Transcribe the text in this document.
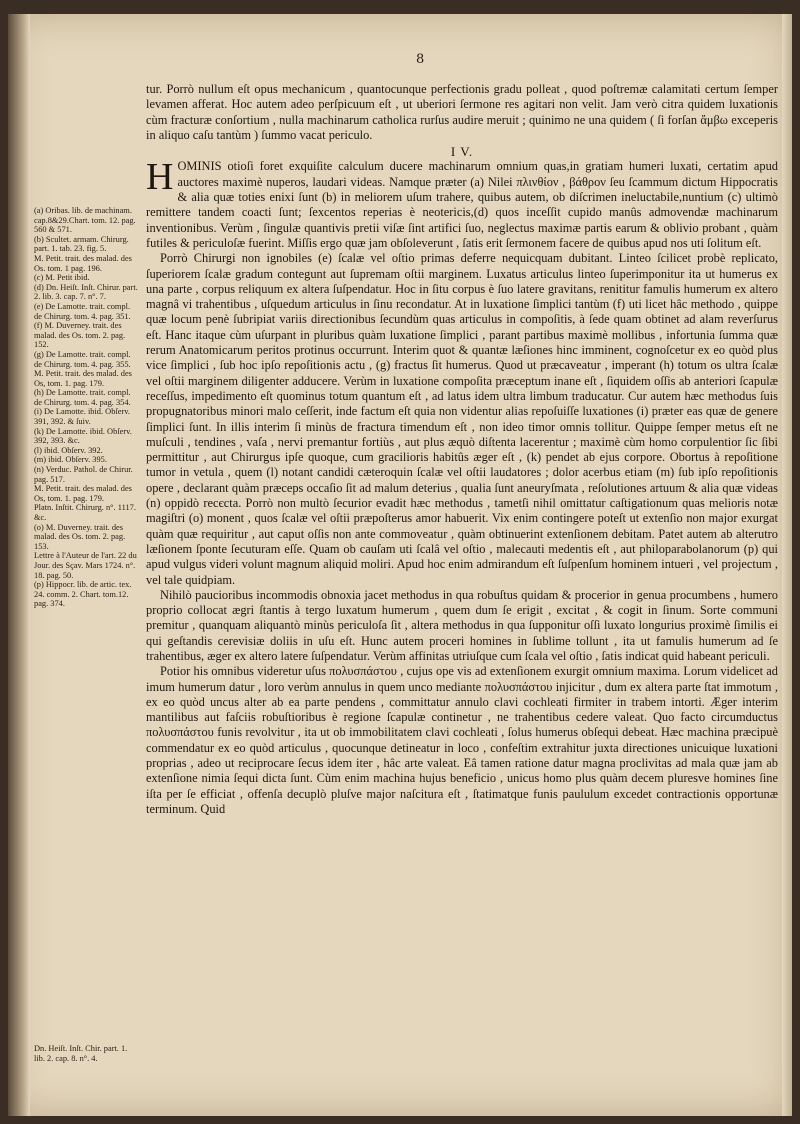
8

tur. Porrò nullum eſt opus mechanicum , quantocunque perfectionis gradu polleat , quod poſtremæ calamitati certum ſemper levamen afferat. Hoc autem adeo perſpicuum eſt , ut uberiori ſermone res agitari non velit. Jam verò citra quidem luxationis cùm fracturæ conſortium , nulla machinarum catholica rurſus audire meruit ; quinimo ne una quidem ( ſi forſan ἄμβω excеperis in aliquo caſu tantùm ) ſummo vacat periculo.

I V.

HOMINIS otioſi foret exquiſite calculum ducere machinarum omnium quas,in gratiam humeri luxati, certatim apud auctores maximè nuperos, laudari videas. Namque præter (a) Nilei πλινθίον , βάθρον ſeu ſcammum dictum Hippocratis & alia quæ toties enixi ſunt (b) in meliorem uſum trahere, quibus autem, ob diſcrimen ineluctabile,nuntium (c) ultimò remittere tandem coacti ſunt; ſexcentos reperias è neotericis,(d) quos inceſſit cupido manûs admovendæ machinarum inventionibus. Verùm , ſingulæ quantivis pretii viſæ ſint artifici ſuo, neglectus maximæ partis earum & oblivio probant , quàm futiles & periculoſæ fuerint. Miſſis ergo quæ jam obſoleverunt , ſatis erit ſermonem facere de quibus apud nos uti ſolitum eſt.

Porrò Chirurgi non ignobiles (e) ſcalæ vel oſtio primas deferre nequicquam dubitant. Linteo ſcilicet probè replicato, ſuperiorem ſcalæ gradum contegunt aut ſupremam oſtii marginem. Luxatus articulus linteo ſuperimponitur ita ut humerus ex una parte , corpus reliquum ex altera ſuſpendatur. Hoc in ſitu corpus è ſuo latere gravitans, renititur famulis humerum ex altero magnâ vi trahentibus , uſquedum articulus in ſinu recondatur. At in luxatione ſimplici tantùm (f) uti licet hâc methodo , quippe quæ locum penè ſubripiat variis directionibus ſecundùm quas articulus in compoſitis, à ſede quam obtinet ad alam reverſurus eſt. Hanc itaque cùm uſurpant in pluribus quàm luxatione ſimplici , parant partibus maximè mollibus , infortunia ſumma quæ rerum Anatomicarum peritos protinus occurrunt. Interim quot & quantæ læſiones hinc imminent, cognoſcetur ex eo quòd plus vice ſimplici , ſub hoc ipſo repoſitionis actu , (g) fractus ſit humerus. Quod ut præcaveatur , imperant (h) totum os ultra ſcalæ vel oſtii marginem diligenter adducere. Verùm in luxatione compoſita præceptum inane eſt , ſiquidem oſſis ab anteriori ſcapulæ receſſus, impedimento eſt quominus totum quantum eſt , ad latus idem ultra limbum traducatur. Cur autem hæc methodus ſuis propugnatoribus minori malo ceſſerit, inde factum eſt quia non videntur alias repoſuiſſe luxationes (i) præter eas quæ de genere ſimplici ſunt. In illis interim ſi minùs de fractura timendum eſt , non ideo timor omnis tollitur. Quippe ſemper metus eſt ne muſculi , tendines , vaſa , nervi premantur fortiùs , aut plus æquò diſtenta lacerentur ; maximè cùm homo corpulentior ſic ſibi permittitur , aut Chirurgus ipſe quoque, cum gracilioris habitûs æger eſt , (k) pendet ab ejus corpore. Obortus à repoſitione tumor in vetula , quem (l) notant candidi cæteroquin ſcalæ vel oſtii laudatores ; dolor acerbus etiam (m) ſub ipſo repoſitionis opere , declarant quàm præceps occaſio ſit ad malum deterius , qualia ſunt aneuryſmata , reſolutiones artuum & alia quæ videas (n) oppidò recєcta. Porrò non multò ſecurior evadit hæc methodus , tametſi nihil omittatur caſtigationum quas melioris notæ magiſtri (o) monent , quos ſcalæ vel oſtii præpoſterus amor habuerit. Vix enim contingere poteſt ut extenſio non major exurgat quàm quæ requiritur , aut caput oſſis non ante commoveatur , quàm obtinuerint extenſionem debitam. Patet autem ab alterutro læſionem ſponte ſecuturam eſſe. Quam ob cauſam uti ſcalâ vel oſtio , maleсauti medentis eſt , aut philoparabolanorum (p) qui apud vulgus videri volunt magnum aliquid moliri. Apud hoc enim admirandum eſt ſuſpenſum hominem intueri , vel projectum , vel tale quidpiam.

Nihilò paucioribus incommodis obnoxia jacet methodus in qua robuſtus quidam & procerior in genua procumbens , humero proprio collocat ægri ſtantis à tergo luxatum humerum , quem dum ſe erigit , excitat , & cogit in ſinum. Sorte communi premitur , quanquam aliquantò minùs periculoſa ſit , altera methodus in qua ſupponitur oſſi luxato longurius proximè ſimilis ei qui geſtandis cerevisiæ doliis in uſu eſt. Hunc autem proceri homines in ſublime tollunt , ita ut famulis humerum ad ſe trahentibus, æger ex altero latere ſuſpendatur. Verùm affinitas utriuſque cum ſcala vel oſtio , ſatis indicat quid habeant periculi.

Potior his omnibus videretur uſus πολυσπάστου , cujus ope vis ad extenſionem exurgit omnium maxima. Lorum videlicet ad imum humerum datur , loro verùm annulus in quem unco mediante πολυσπάστου injicitur , dum ex altera parte ſtat immotum , ex eo quòd uncus alter ab ea parte pendens , committatur annulo clavi cochleati firmiter in trabem intorti. Æger interim mantilibus aut faſciis robuſtioribus è regione ſcapulæ continetur , ne trahentibus cedere valeat. Quo facto circumductus πολυσπάστου funis revolvitur , ita ut ob immobilitatem clavi cochleati , ſolus humerus obſequi debeat. Hæc machina præcipuè commendatur ex eo quòd articulus , quocunque detineatur in loco , confeſtim extrahitur juxta directiones unicuique luxationi proprias , adeo ut reciprocare ſecus idem iter , hâc arte valeat. Eâ tamen ratione datur magna proclivitas ad mala quæ jam ab extenſione nimia ſequi dicta ſunt. Cùm enim machina hujus beneficio , unicus homo plus quàm decem pluresve homines ſine iſta per ſe efficiat , offenſa decuplò pluſve major naſcitura eſt , ſtatimatque funis paululum excedet contractionis opportunæ terminum. Quid

(a) Oribas. lib. de machinam. cap.8&29.Chart. tom. 12. pag. 560 & 571.
(b) Scultet. armam. Chirurg. part. 1. tab. 23. fig. 5.
M. Petit. trait. des malad. des Os. tom. 1 pag. 196.
(c) M. Petit ibid.
(d) Dn. Heiſt. Inſt. Chirur. part. 2. lib. 3. cap. 7. n°. 7.
(e) De Lamotte. trait. compl. de Chirurg. tom. 4. pag. 351.
(f) M. Duverney. trait. des malad. des Os. tom. 2. pag. 152.
(g) De Lamotte. trait. compl. de Chirurg. tom. 4. pag. 355.
M. Petit. trait. des malad. des Os, tom. 1. pag. 179.
(h) De Lamotte. trait. compl. de Chirurg. tom. 4. pag. 354.
(i) De Lamotte. ibid. Obſerv. 391, 392. & ſuiv.
(k) De Lamotte. ibid. Obſerv. 392, 393. &c.
(l) ibid. Obſerv. 392.
(m) ibid. Obſerv. 395.
(n) Verduc. Pathol. de Chirur. pag. 517.
M. Petit. trait. des malad. des Os, tom. 1. pag. 179.
Platn. Inſtit. Chirurg. n°. 1117. &c.
(o) M. Duverney. trait. des malad. des Os. tom. 2. pag. 153.
Lettre à l'Auteur de l'art. 22 du Jour. des Sçav. Mars 1724. n°. 18. pag. 50.
(p) Hippocr. lib. de artic. tex. 24. comm. 2. Chart. tom.12. pag. 374.
Dn. Heiſt. Inſt. Chir. part. 1. lib. 2. cap. 8. n°. 4.
